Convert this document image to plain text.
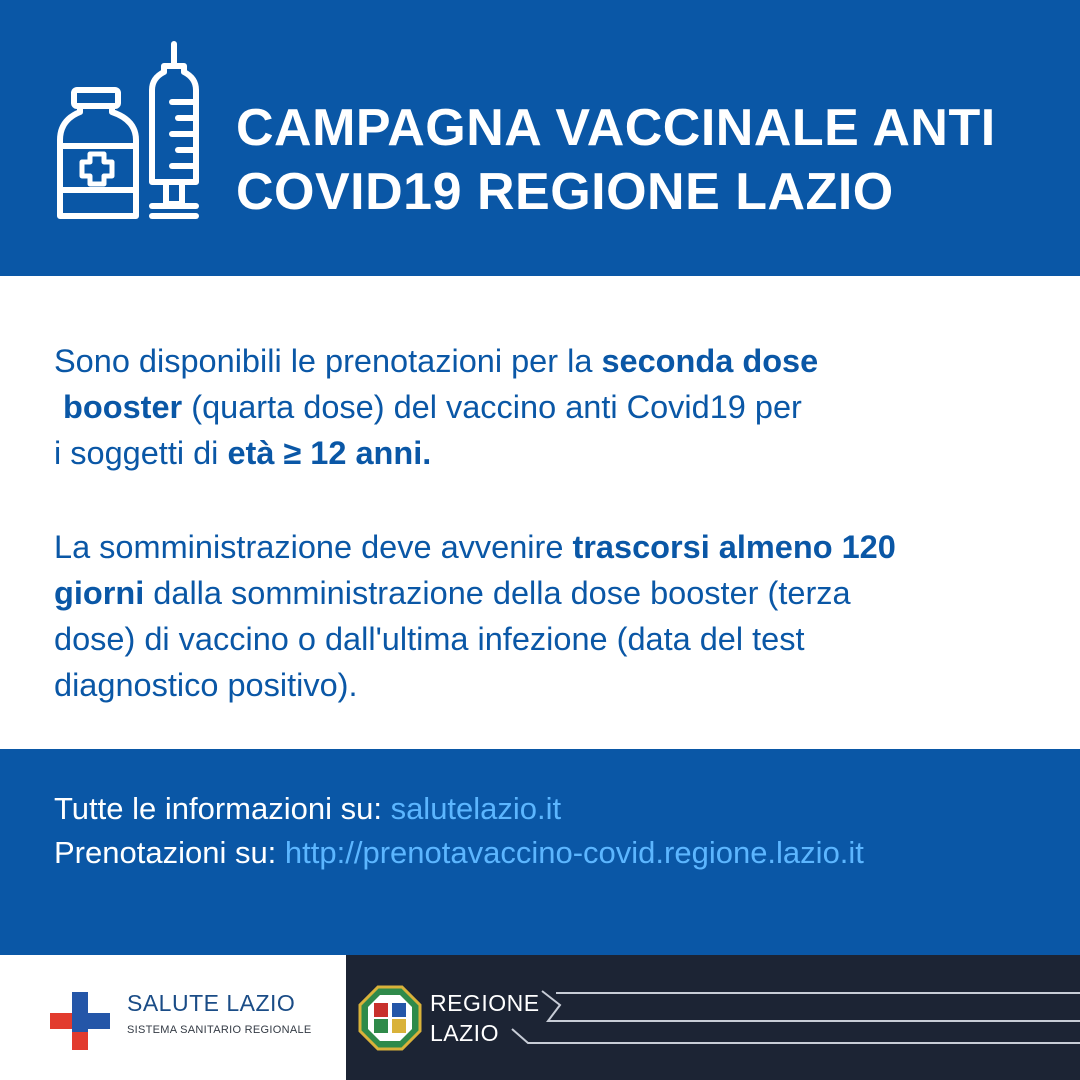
CAMPAGNA VACCINALE ANTI
COVID19 REGIONE LAZIO
Sono disponibili le prenotazioni per la seconda dose
booster (quarta dose) del vaccino anti Covid19 per
i soggetti di età ≥ 12 anni.
La somministrazione deve avvenire trascorsi almeno 120
giorni dalla somministrazione della dose booster (terza
dose) di vaccino o dall'ultima infezione (data del test
diagnostico positivo).
Tutte le informazioni su: salutelazio.it
Prenotazioni su: http://prenotavaccino-covid.regione.lazio.it
SALUTE LAZIO
SISTEMA SANITARIO REGIONALE
REGIONE
LAZIO
